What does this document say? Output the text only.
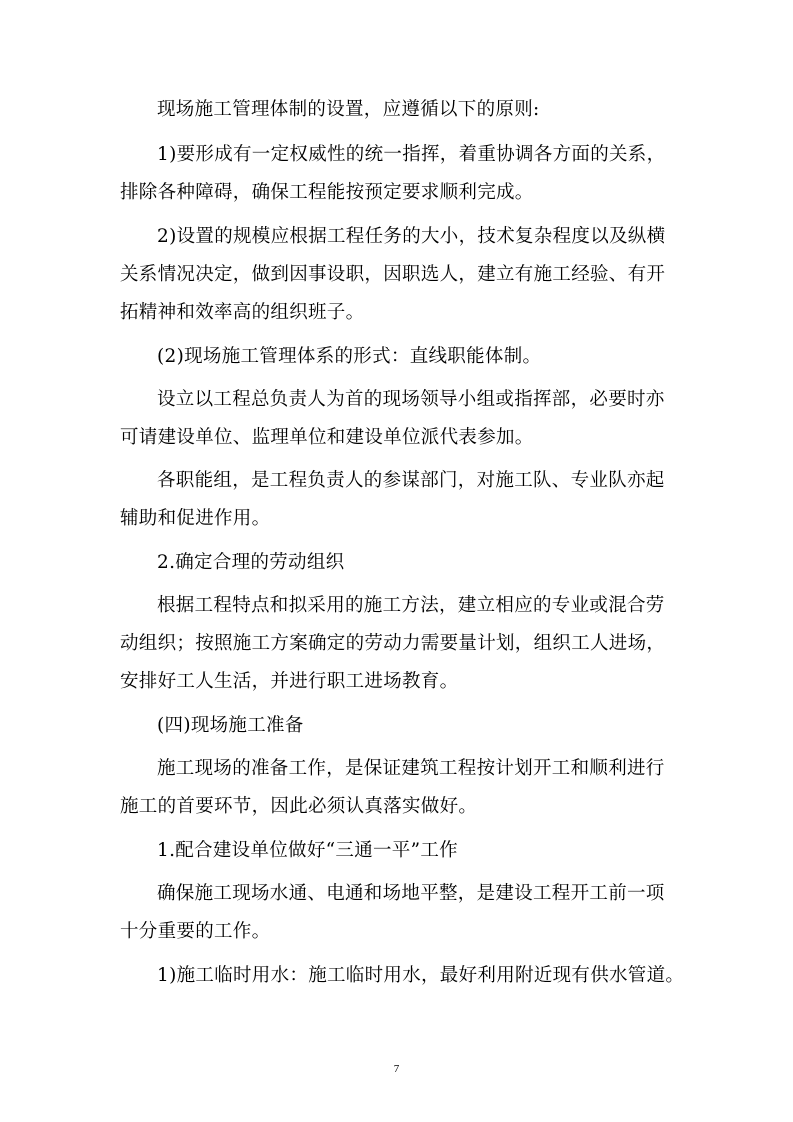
现场施工管理体制的设置，应遵循以下的原则:
1)要形成有一定权威性的统一指挥，着重协调各方面的关系，
排除各种障碍，确保工程能按预定要求顺利完成。
2)设置的规模应根据工程任务的大小，技术复杂程度以及纵横
关系情况决定，做到因事设职，因职选人，建立有施工经验、有开
拓精神和效率高的组织班子。
(2)现场施工管理体系的形式：直线职能体制。
设立以工程总负责人为首的现场领导小组或指挥部，必要时亦
可请建设单位、监理单位和建设单位派代表参加。
各职能组，是工程负责人的参谋部门，对施工队、专业队亦起
辅助和促进作用。
2.确定合理的劳动组织
根据工程特点和拟采用的施工方法，建立相应的专业或混合劳
动组织；按照施工方案确定的劳动力需要量计划，组织工人进场，
安排好工人生活，并进行职工进场教育。
(四)现场施工准备
施工现场的准备工作，是保证建筑工程按计划开工和顺利进行
施工的首要环节，因此必须认真落实做好。
1.配合建设单位做好“三通一平”工作
确保施工现场水通、电通和场地平整，是建设工程开工前一项
十分重要的工作。
1)施工临时用水：施工临时用水，最好利用附近现有供水管道。
7
